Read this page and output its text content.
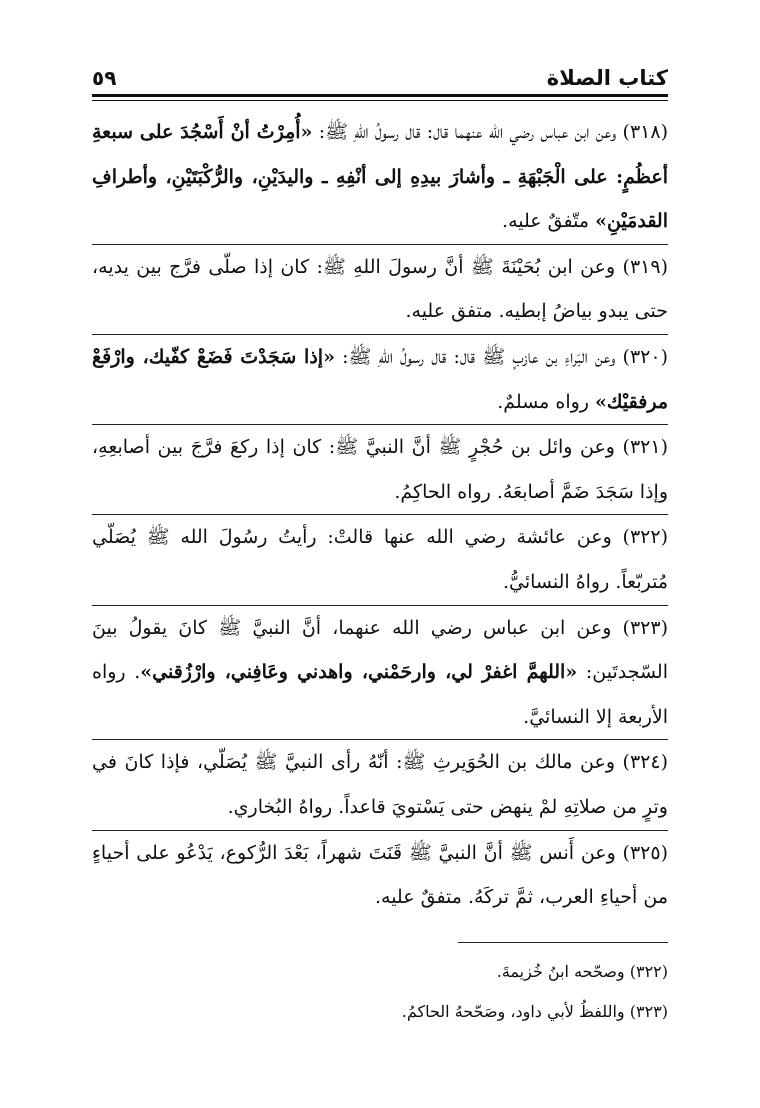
كتاب الصلاة
٥٩

(٣١٨) وعن ابن عباس رضي الله عنهما قال: قال رسولُ اللهِ ﷺ: «أُمِرْتُ أنْ أَسْجُدَ على سبعةِ أعظُمٍ: على الْجَبْهَةِ ـ وأشارَ بيدِهِ إلى أنْفِهِ ـ واليدَيْنِ، والرُّكْبَتَيْنِ، وأطرافِ القدمَيْنِ» متّفقٌ عليه.

(٣١٩) وعن ابن بُحَيْنَةَ ﷺ أنَّ رسولَ اللهِ ﷺ: كان إذا صلّى فرَّج بين يديه، حتى يبدو بياضُ إبطيه. متفق عليه.

(٣٢٠) وعن البَراءِ بن عازبٍ ﷺ قال: قال رسولُ اللهِ ﷺ: «إذا سَجَدْتَ فَضَعْ كفّيك، وارْفَعْ مرفقيْك» رواه مسلمٌ.

(٣٢١) وعن وائل بن حُجْرٍ ﷺ أنَّ النبيَّ ﷺ: كان إذا ركعَ فرَّجَ بين أصابعِهِ، وإذا سَجَدَ ضَمَّ أصابعَهُ. رواه الحاكِمُ.

(٣٢٢) وعن عائشة رضي الله عنها قالتْ: رأيتُ رسُولَ الله ﷺ يُصَلّي مُتربّعاً. رواهُ النسائيُّ.

(٣٢٣) وعن ابن عباس رضي الله عنهما، أنَّ النبيَّ ﷺ كانَ يقولُ بينَ السّجدتَين: «اللهمَّ اغفرْ لي، وارحَمْني، واهدني وعَافِني، وارْزُقني». رواه الأربعة إلا النسائيَّ.

(٣٢٤) وعن مالك بن الحُوَيرثِ ﷺ: أنّهُ رأى النبيَّ ﷺ يُصَلّي، فإذا كانَ في وترٍ من صلاتِهِ لمْ ينهض حتى يَسْتويَ قاعداً. رواهُ البُخاري.

(٣٢٥) وعن أَنس ﷺ أنَّ النبيَّ ﷺ قَنَتَ شهراً، بَعْدَ الرُّكوع، يَدْعُو على أحياءٍ من أحياءِ العرب، ثمَّ تركَهُ. متفقٌ عليه.

(٣٢٢) وصحّحه ابنُ خُزيمةَ.

(٣٢٣) واللفظُ لأبي داود، وصَحّحهُ الحاكمُ.
